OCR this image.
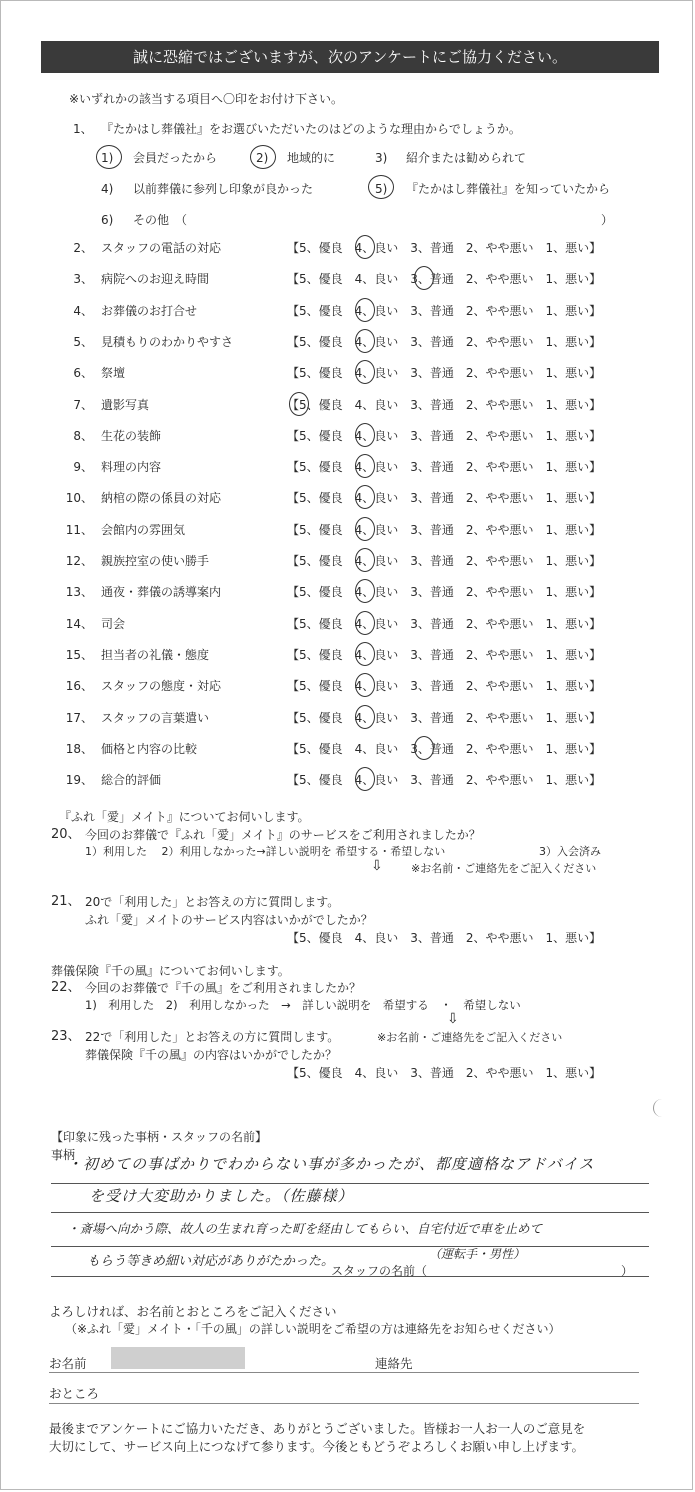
誠に恐縮ではございますが、次のアンケートにご協力ください。
※いずれかの該当する項目へ〇印をお付け下さい。
1、 『たかはし葬儀社』をお選びいただいたのはどのような理由からでしょうか。
1) 会員だったから	2) 地域的に	3) 紹介または勧められて
4) 以前葬儀に参列し印象が良かった	5) 『たかはし葬儀社』を知っていたから
6) その他　（	）
2、 スタッフの電話の対応	【5、優良　4、良い　3、普通　2、やや悪い　1、悪い】
3、 病院へのお迎え時間	【5、優良　4、良い　3、普通　2、やや悪い　1、悪い】
4、 お葬儀のお打合せ	【5、優良　4、良い　3、普通　2、やや悪い　1、悪い】
5、 見積もりのわかりやすさ	【5、優良　4、良い　3、普通　2、やや悪い　1、悪い】
6、 祭壇	【5、優良　4、良い　3、普通　2、やや悪い　1、悪い】
7、 遺影写真	【5、優良　4、良い　3、普通　2、やや悪い　1、悪い】
8、 生花の装飾	【5、優良　4、良い　3、普通　2、やや悪い　1、悪い】
9、 料理の内容	【5、優良　4、良い　3、普通　2、やや悪い　1、悪い】
10、 納棺の際の係員の対応	【5、優良　4、良い　3、普通　2、やや悪い　1、悪い】
11、 会館内の雰囲気	【5、優良　4、良い　3、普通　2、やや悪い　1、悪い】
12、 親族控室の使い勝手	【5、優良　4、良い　3、普通　2、やや悪い　1、悪い】
13、 通夜・葬儀の誘導案内	【5、優良　4、良い　3、普通　2、やや悪い　1、悪い】
14、 司会	【5、優良　4、良い　3、普通　2、やや悪い　1、悪い】
15、 担当者の礼儀・態度	【5、優良　4、良い　3、普通　2、やや悪い　1、悪い】
16、 スタッフの態度・対応	【5、優良　4、良い　3、普通　2、やや悪い　1、悪い】
17、 スタッフの言葉遣い	【5、優良　4、良い　3、普通　2、やや悪い　1、悪い】
18、 価格と内容の比較	【5、優良　4、良い　3、普通　2、やや悪い　1、悪い】
19、 総合的評価	【5、優良　4、良い　3、普通　2、やや悪い　1、悪い】
『ふれ「愛」メイト』についてお伺いします。
20、 今回のお葬儀で『ふれ「愛」メイト』のサービスをご利用されましたか？
1）利用した　 2）利用しなかった→詳しい説明を 希望する・希望しない	3）入会済み
⇩	※お名前・ご連絡先をご記入ください
21、 20で「利用した」とお答えの方に質問します。
ふれ「愛」メイトのサービス内容はいかがでしたか？
【5、優良　4、良い　3、普通　2、やや悪い　1、悪い】
葬儀保険『千の風』についてお伺いします。
22、 今回のお葬儀で『千の風』をご利用されましたか？
1)　利用した　2)　利用しなかった　→　詳しい説明を　希望する　・　希望しない
⇩
23、 22で「利用した」とお答えの方に質問します。	※お名前・ご連絡先をご記入ください
葬儀保険『千の風』の内容はいかがでしたか？
【5、優良　4、良い　3、普通　2、やや悪い　1、悪い】
【印象に残った事柄・スタッフの名前】
事柄
・初めての事ばかりでわからない事が多かったが、都度適格なアドバイス
を受け大変助かりました。（佐藤様）
・斎場へ向かう際、故人の生まれ育った町を経由してもらい、自宅付近で車を止めて
もらう等きめ細い対応がありがたかった。
スタッフの名前（
（運転手・男性）
）
よろしければ、お名前とおところをご記入ください
（※ふれ「愛」メイト・「千の風」の詳しい説明をご希望の方は連絡先をお知らせください）
お名前	連絡先
おところ
最後までアンケートにご協力いただき、ありがとうございました。皆様お一人お一人のご意見を
大切にして、サービス向上につなげて参ります。今後ともどうぞよろしくお願い申し上げます。
